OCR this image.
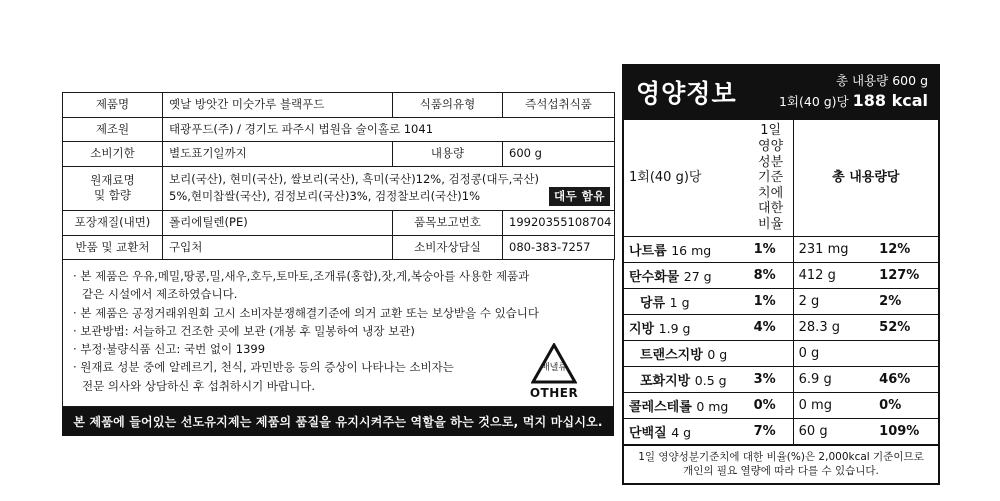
제품명	옛날 방앗간 미숫가루 블랙푸드	식품의유형	즉석섭취식품
제조원	태광푸드(주) / 경기도 파주시 법원읍 술이홀로 1041		
소비기한	별도표기일까지	내용량	600 g

원재료명
및 함량

보리(국산), 현미(국산), 쌀보리(국산), 흑미(국산)12%, 검정콩(대두,국산)
5%,현미찹쌀(국산), 검정보리(국산)3%, 검정찰보리(국산)1%	대두 함유

포장재질(내면)	폴리에틸렌(PE)	품목보고번호	19920355108704
반품 및 교환처	구입처	소비자상담실	080-383-7257
· 본 제품은 우유,메밀,땅콩,밀,새우,호두,토마토,조개류(홍합),잣,게,복숭아를 사용한 제품과
같은 시설에서 제조하였습니다.
· 본 제품은 공정거래위원회 고시 소비자분쟁해결기준에 의거 교환 또는 보상받을 수 있습니다
· 보관방법: 서늘하고 건조한 곳에 보관 (개봉 후 밀봉하여 냉장 보관)
· 부정·불량식품 신고: 국번 없이 1399
· 원재료 성분 중에 알레르기, 천식, 과민반응 등의 증상이 나타나는 소비자는
전문 의사와 상담하신 후 섭취하시기 바랍니다.
배낼류
OTHER
본 제품에 들어있는 선도유지제는 제품의 품질을 유지시켜주는 역할을 하는 것으로, 먹지 마십시오.
영양정보	총 내용량 600 g
1회(40 g)당 188 kcal
1회(40 g)당	1일 영양성분
기준치에 대한 비율	총 내용량당	
나트륨 16 mg	1%	231 mg	12%
탄수화물 27 g	8%	412 g	127%
당류 1 g	1%	2 g	2%
지방 1.9 g	4%	28.3 g	52%
트랜스지방 0 g		0 g	
포화지방 0.5 g	3%	6.9 g	46%
콜레스테롤 0 mg	0%	0 mg	0%
단백질 4 g	7%	60 g	109%
1일 영양성분기준치에 대한 비율(%)은 2,000kcal 기준이므로
개인의 필요 열량에 따라 다를 수 있습니다.
